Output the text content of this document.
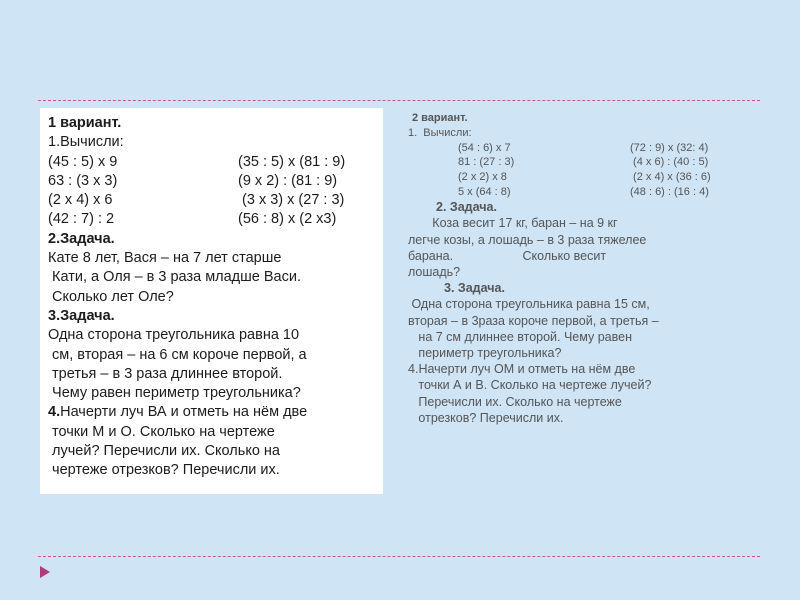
1 вариант.
1.Вычисли:
(45 : 5) х 9	(35 : 5) х (81 : 9)
63 : (3 х 3)	(9 х 2) : (81 : 9)
(2 х 4) х 6	(3 х 3) х (27 : 3)
(42 : 7) : 2	(56 : 8) х (2 х3)
2.Задача.
Кате 8 лет, Вася – на 7 лет старше
Кати, а Оля – в 3 раза младше Васи.
Сколько лет Оле?
3.Задача.
Одна сторона треугольника равна 10
см, вторая – на 6 см короче первой, а
третья – в 3 раза длиннее второй.
Чему равен периметр треугольника?
4.Начерти луч ВА и отметь на нём две
точки М и О. Сколько на чертеже
лучей? Перечисли их. Сколько на
чертеже отрезков? Перечисли их.
2 вариант.
1.  Вычисли:
(54 : 6) х 7	(72 : 9) х (32: 4)
81 : (27 : 3)	(4 х 6) : (40 : 5)
(2 х 2) х 8	(2 х 4) х (36 : 6)
5 х (64 : 8)	(48 : 6) : (16 : 4)
2. Задача.
Коза весит 17 кг, баран – на 9 кг
легче козы, а лошадь – в 3 раза тяжелее
барана.                    Сколько весит
лошадь?
3. Задача.
Одна сторона треугольника равна 15 см,
вторая – в 3раза короче первой, а третья –
на 7 см длиннее второй. Чему равен
периметр треугольника?
4.Начерти луч ОМ и отметь на нём две
точки А и В. Сколько на чертеже лучей?
Перечисли их. Сколько на чертеже
отрезков? Перечисли их.
